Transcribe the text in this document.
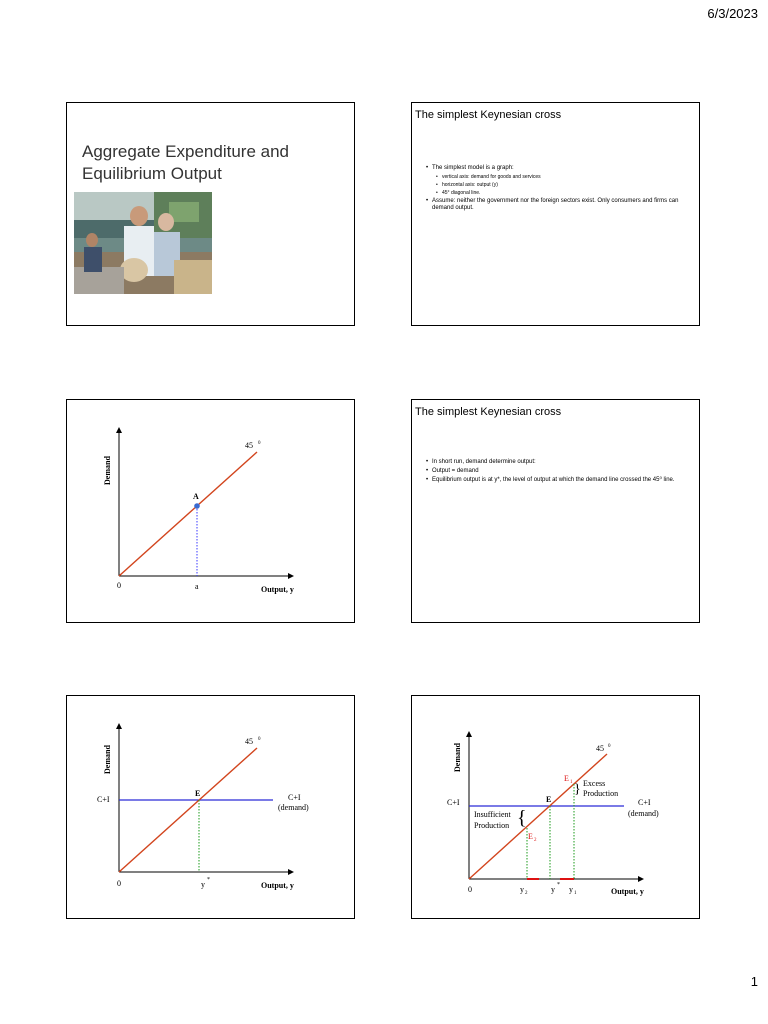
6/3/2023
Aggregate Expenditure and
Equilibrium Output
The simplest Keynesian cross
• The simplest model is a graph:
• vertical axis: demand for goods and services
• horizontal axis: output (y)
• 45° diagonal line.
• Assume: neither the government nor the foreign sectors exist. Only consumers and firms can demand output.
Demand
Output, y
45 0
A
0	a
The simplest Keynesian cross
• In short run, demand determine output:
• Output = demand
• Equilibrium output is at y*, the level of output at which the demand line crossed the 45⁰ line.
Demand
Output, y
45 0
C+I	C+I
(demand)
E
0	y *
}
{
Demand
Output, y
45 0
C+I	C+I
(demand)
E
E 1
E 2
Excess
Production
Insufficient
Production
0	y 2	y * y 1
1
